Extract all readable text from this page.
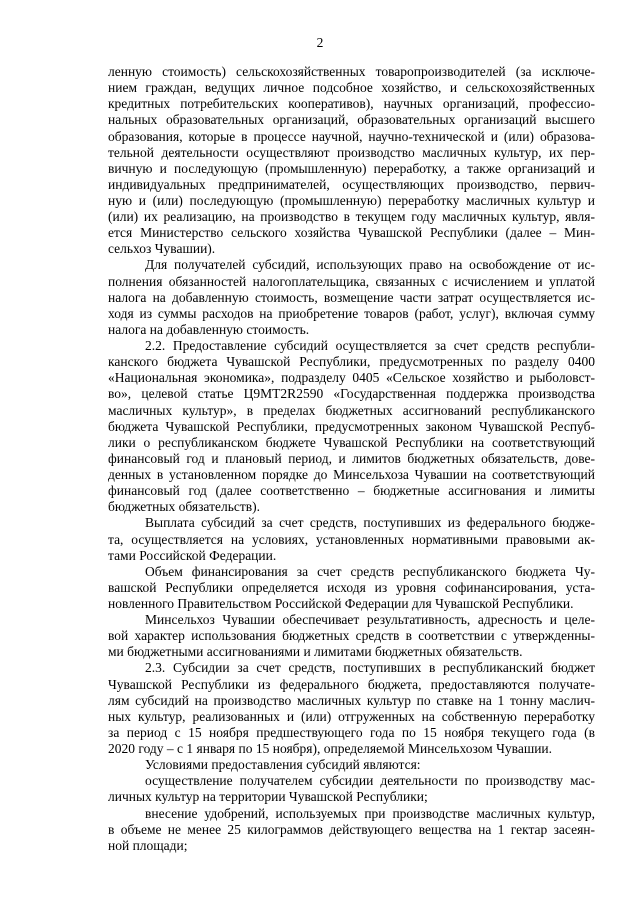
2
ленную стоимость) сельскохозяйственных товаропроизводителей (за исключе-
нием граждан, ведущих личное подсобное хозяйство, и сельскохозяйственных
кредитных потребительских кооперативов), научных организаций, профессио-
нальных образовательных организаций, образовательных организаций высшего
образования, которые в процессе научной, научно-технической и (или) образова-
тельной деятельности осуществляют производство масличных культур, их пер-
вичную и последующую (промышленную) переработку, а также организаций и
индивидуальных предпринимателей, осуществляющих производство, первич-
ную и (или) последующую (промышленную) переработку масличных культур и
(или) их реализацию, на производство в текущем году масличных культур, явля-
ется Министерство сельского хозяйства Чувашской Республики (далее – Мин-
сельхоз Чувашии).
Для получателей субсидий, использующих право на освобождение от ис-
полнения обязанностей налогоплательщика, связанных с исчислением и уплатой
налога на добавленную стоимость, возмещение части затрат осуществляется ис-
ходя из суммы расходов на приобретение товаров (работ, услуг), включая сумму
налога на добавленную стоимость.
2.2. Предоставление субсидий осуществляется за счет средств республи-
канского бюджета Чувашской Республики, предусмотренных по разделу 0400
«Национальная экономика», подразделу 0405 «Сельское хозяйство и рыболовст-
во», целевой статье Ц9МТ2R2590 «Государственная поддержка производства
масличных культур», в пределах бюджетных ассигнований республиканского
бюджета Чувашской Республики, предусмотренных законом Чувашской Респуб-
лики о республиканском бюджете Чувашской Республики на соответствующий
финансовый год и плановый период, и лимитов бюджетных обязательств, дове-
денных в установленном порядке до Минсельхоза Чувашии на соответствующий
финансовый год (далее соответственно – бюджетные ассигнования и лимиты
бюджетных обязательств).
Выплата субсидий за счет средств, поступивших из федерального бюдже-
та, осуществляется на условиях, установленных нормативными правовыми ак-
тами Российской Федерации.
Объем финансирования за счет средств республиканского бюджета Чу-
вашской Республики определяется исходя из уровня софинансирования, уста-
новленного Правительством Российской Федерации для Чувашской Республики.
Минсельхоз Чувашии обеспечивает результативность, адресность и целе-
вой характер использования бюджетных средств в соответствии с утвержденны-
ми бюджетными ассигнованиями и лимитами бюджетных обязательств.
2.3. Субсидии за счет средств, поступивших в республиканский бюджет
Чувашской Республики из федерального бюджета, предоставляются получате-
лям субсидий на производство масличных культур по ставке на 1 тонну маслич-
ных культур, реализованных и (или) отгруженных на собственную переработку
за период с 15 ноября предшествующего года по 15 ноября текущего года (в
2020 году – с 1 января по 15 ноября), определяемой Минсельхозом Чувашии.
Условиями предоставления субсидий являются:
осуществление получателем субсидии деятельности по производству мас-
личных культур на территории Чувашской Республики;
внесение удобрений, используемых при производстве масличных культур,
в объеме не менее 25 килограммов действующего вещества на 1 гектар засеян-
ной площади;
